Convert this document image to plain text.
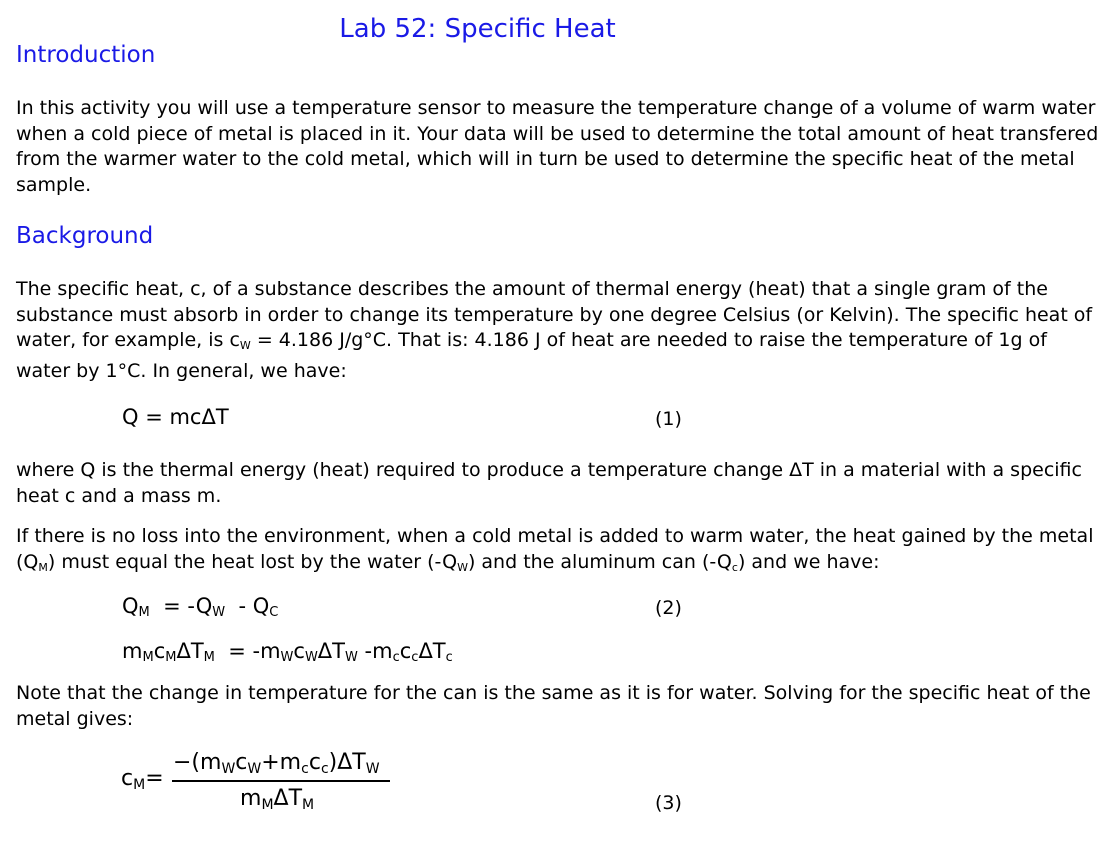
Lab 52: Specific Heat
Introduction
In this activity you will use a temperature sensor to measure the temperature change of a volume of warm water when a cold piece of metal is placed in it. Your data will be used to determine the total amount of heat transfered from the warmer water to the cold metal, which will in turn be used to determine the specific heat of the metal sample.
Background
The specific heat, c, of a substance describes the amount of thermal energy (heat) that a single gram of the substance must absorb in order to change its temperature by one degree Celsius (or Kelvin). The specific heat of water, for example, is cW = 4.186 J/g°C. That is: 4.186 J of heat are needed to raise the temperature of 1g of water by 1°C. In general, we have:
Q = mcΔT	(1)
where Q is the thermal energy (heat) required to produce a temperature change ΔT in a material with a specific heat c and a mass m.
If there is no loss into the environment, when a cold metal is added to warm water, the heat gained by the metal (QM) must equal the heat lost by the water (-QW) and the aluminum can (-Qc) and we have:
$Q_M = -Q_W - Q_C$	(2)
$m_Mc_M\Delta T_M = -m_Wc_W\Delta T_W$ $-m_cc_c\Delta T_c$
Note that the change in temperature for the can is the same as it is for water. Solving for the specific heat of the metal gives:
cM=
−(mWcW+mccc)ΔTW
mMΔTM	(3)
